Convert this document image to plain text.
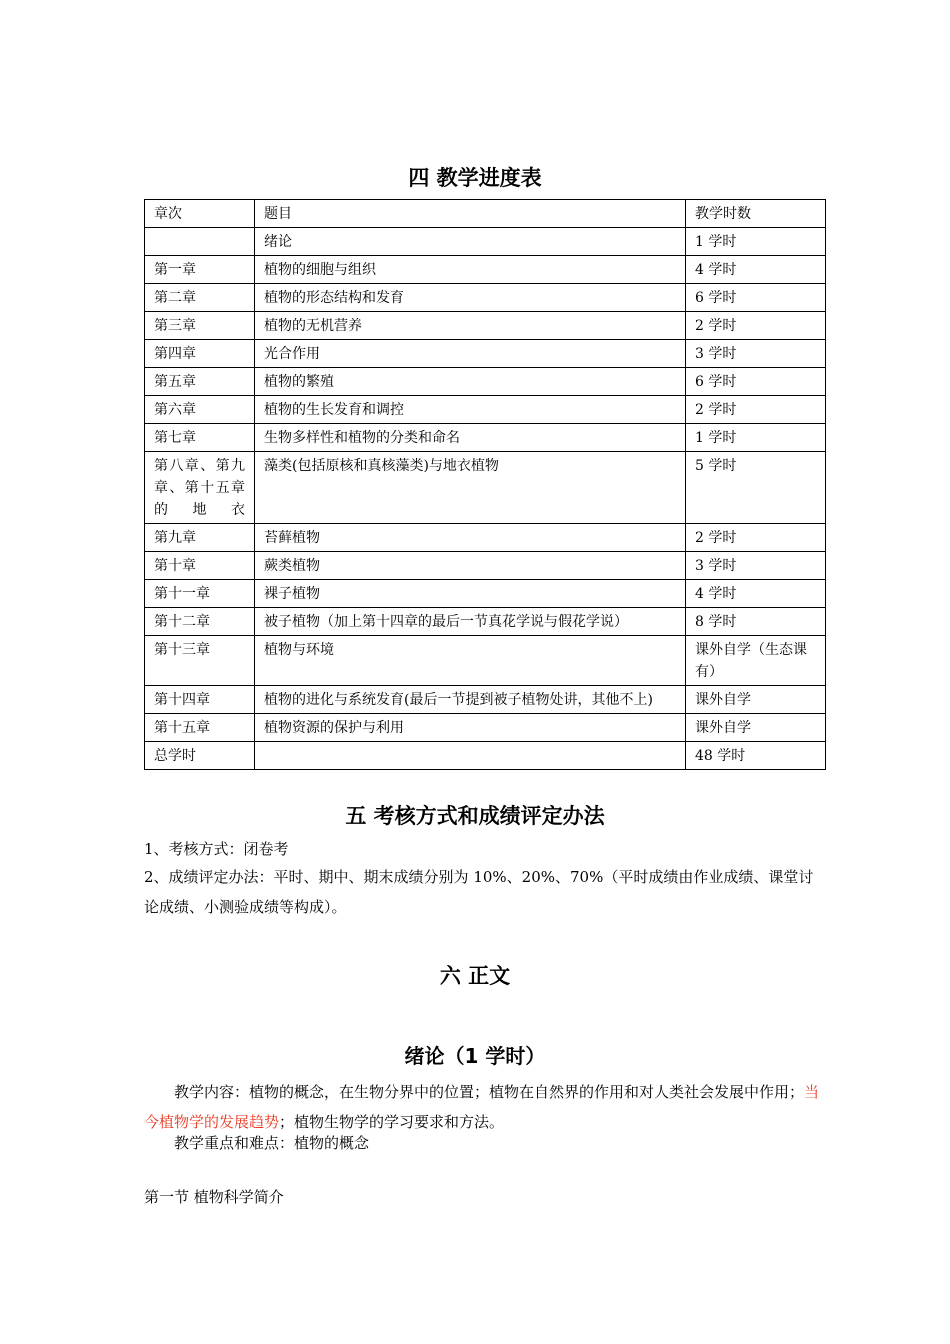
四 教学进度表
章次	题目	教学时数
	绪论	1 学时
第一章	植物的细胞与组织	4 学时
第二章	植物的形态结构和发育	6 学时
第三章	植物的无机营养	2 学时
第四章	光合作用	3 学时
第五章	植物的繁殖	6 学时
第六章	植物的生长发育和调控	2 学时
第七章	生物多样性和植物的分类和命名	1 学时
第八章、第九章、第十五章的地衣	藻类(包括原核和真核藻类)与地衣植物	5 学时
第九章	苔藓植物	2 学时
第十章	蕨类植物	3 学时
第十一章	裸子植物	4 学时
第十二章	被子植物（加上第十四章的最后一节真花学说与假花学说）	8 学时
第十三章	植物与环境	课外自学（生态课有）
第十四章	植物的进化与系统发育(最后一节提到被子植物处讲，其他不上)	课外自学
第十五章	植物资源的保护与利用	课外自学
总学时		48 学时
五 考核方式和成绩评定办法
1、考核方式：闭卷考
2、成绩评定办法：平时、期中、期末成绩分别为 10%、20%、70%（平时成绩由作业成绩、课堂讨论成绩、小测验成绩等构成）。
六 正文
绪论（1 学时）
教学内容：植物的概念，在生物分界中的位置；植物在自然界的作用和对人类社会发展中作用；当今植物学的发展趋势；植物生物学的学习要求和方法。
教学重点和难点：植物的概念
第一节 植物科学简介
